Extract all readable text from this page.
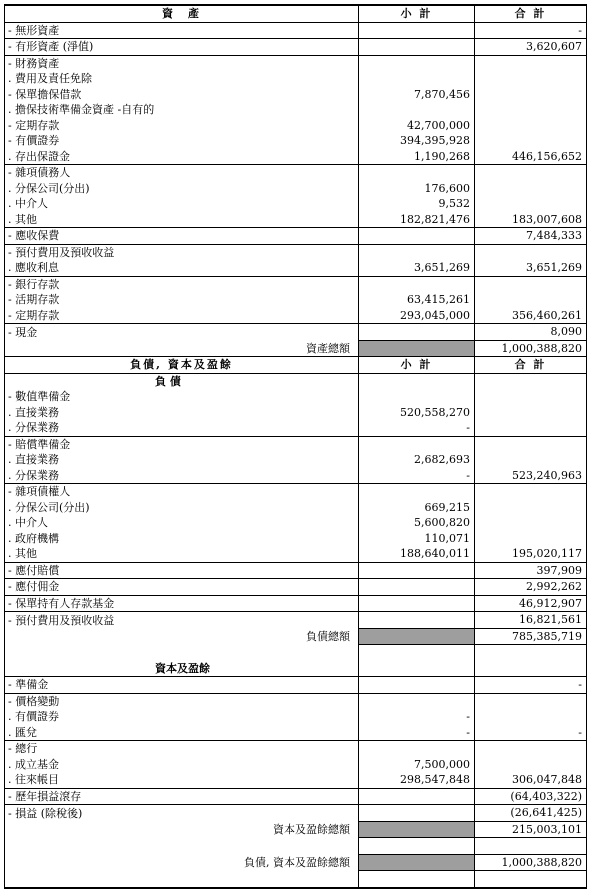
資　產	小 計	合 計
- 無形資產		-
- 有形資產 (淨值)		3,620,607
- 財務資產		
. 費用及責任免除		
- 保單擔保借款	7,870,456	
. 擔保技術準備金資產 -自有的		
- 定期存款	42,700,000	
- 有價證券	394,395,928	
. 存出保證金	1,190,268	446,156,652
- 雜項債務人		
. 分保公司(分出)	176,600	
. 中介人	9,532	
. 其他	182,821,476	183,007,608
- 應收保費		7,484,333
- 預付費用及預收收益		
. 應收利息	3,651,269	3,651,269
- 銀行存款		
- 活期存款	63,415,261	
- 定期存款	293,045,000	356,460,261
- 現金		8,090
資產總額		1,000,388,820
負債, 資本及盈餘	小 計	合 計
負 債		
- 數值準備金		
. 直接業務	520,558,270	
. 分保業務	-	
- 賠償準備金		
. 直接業務	2,682,693	
. 分保業務	-	523,240,963
- 雜項債權人		
. 分保公司(分出)	669,215	
. 中介人	5,600,820	
. 政府機構	110,071	
. 其他	188,640,011	195,020,117
- 應付賠償		397,909
- 應付佣金		2,992,262
- 保單持有人存款基金		46,912,907
- 預付費用及預收收益		16,821,561
負債總額		785,385,719

資本及盈餘		
- 準備金		-
- 價格變動		
. 有價證券	-	
. 匯兌	-	-
- 總行		
. 成立基金	7,500,000	
. 往來帳目	298,547,848	306,047,848
- 歷年損益滾存		(64,403,322)
- 損益 (除稅後)		(26,641,425)
資本及盈餘總額		215,003,101

負債, 資本及盈餘總額		1,000,388,820
